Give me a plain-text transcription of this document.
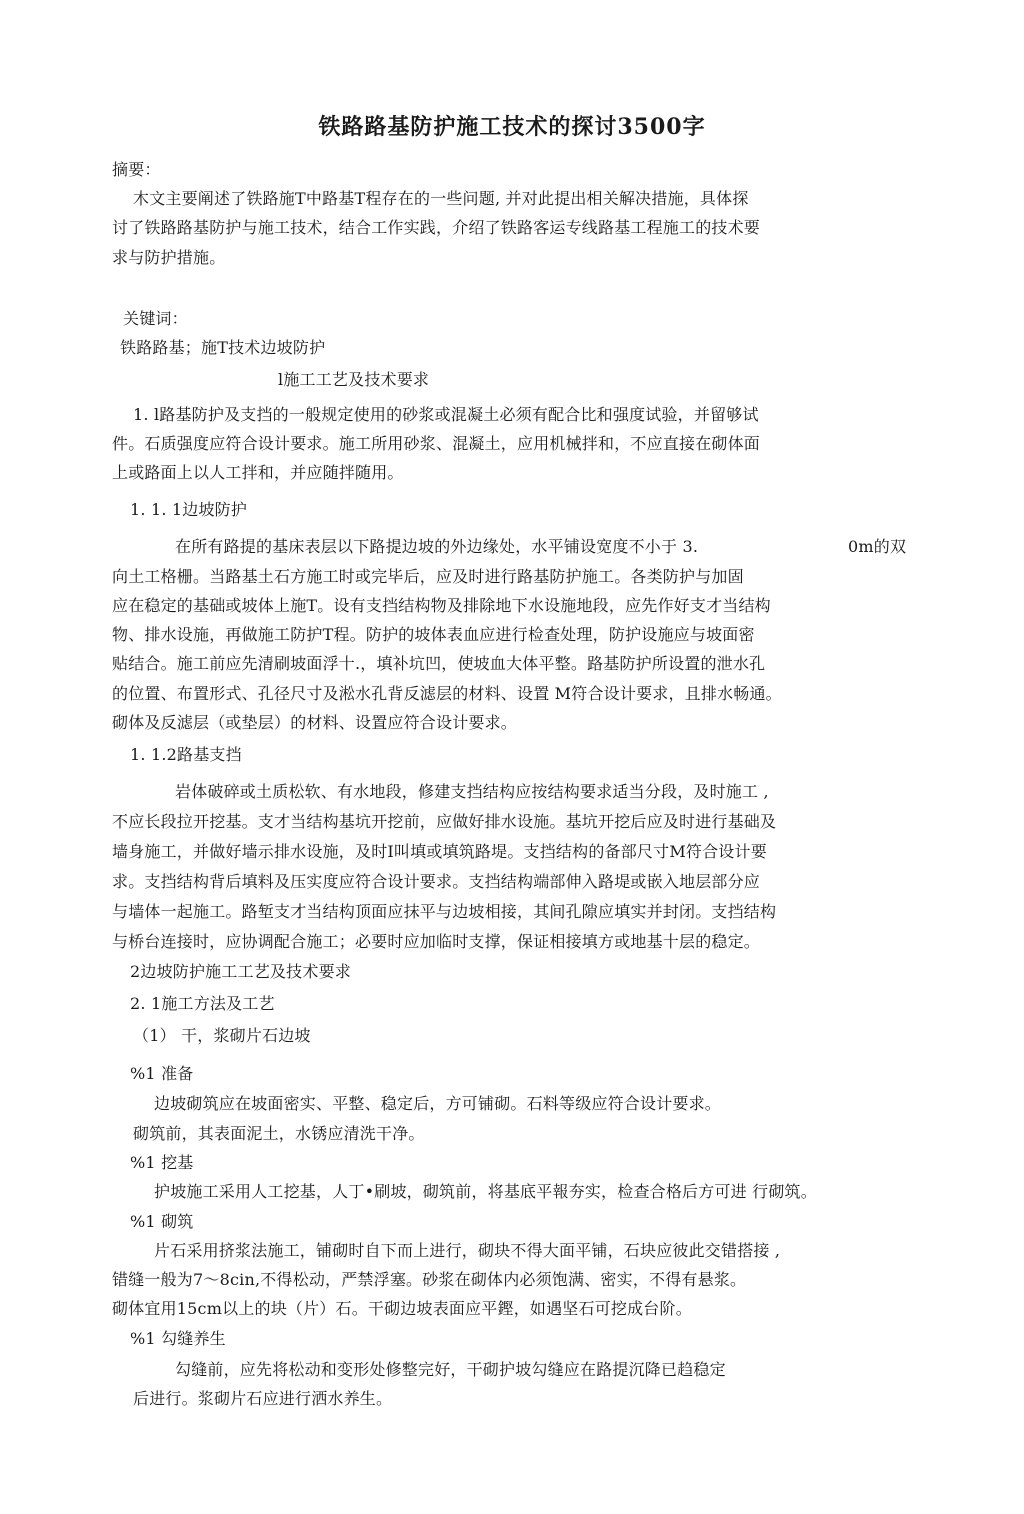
铁路路基防护施工技术的探讨3500字
摘要：
木文主要阐述了铁路施T中路基T程存在的一些问题, 并对此提出相关解决措施，具体探
讨了铁路路基防护与施工技术，结合工作实践，介绍了铁路客运专线路基工程施工的技术要
求与防护措施。
关键词：
铁路路基；施T技术边坡防护
l施工工艺及技术要求
1. l路基防护及支挡的一般规定使用的砂浆或混凝土必须有配合比和强度试验，并留够试
件。石质强度应符合设计要求。施工所用砂浆、混凝土，应用机械拌和，不应直接在砌体面
上或路面上以人工拌和，并应随拌随用。
1. 1. 1边坡防护
在所有路提的基床表层以下路提边坡的外边缘处，水平铺设宽度不小于 3.	0m的双
向土工格栅。当路基土石方施工时或完毕后，应及时进行路基防护施工。各类防护与加固
应在稳定的基础或坡体上施T。设有支挡结构物及排除地下水设施地段，应先作好支才当结构
物、排水设施，再做施工防护T程。防护的坡体表血应进行检查处理，防护设施应与坡面密
贴结合。施工前应先清刷坡面浮十.，填补坑凹，使坡血大体平整。路基防护所设置的泄水孔
的位置、布置形式、孔径尺寸及淞水孔背反滤层的材料、设置 M符合设计要求，且排水畅通。
砌体及反滤层（或垫层）的材料、设置应符合设计要求。
1. 1.2路基支挡
岩体破碎或土质松软、有水地段，修建支挡结构应按结构要求适当分段，及时施工 ,
不应长段拉开挖基。支才当结构基坑开挖前，应做好排水设施。基坑开挖后应及时进行基础及
墙身施工，并做好墙示排水设施，及时I叫填或填筑路堤。支挡结构的备部尺寸M符合设计要
求。支挡结构背后填料及压实度应符合设计要求。支挡结构端部伸入路堤或嵌入地层部分应
与墙体一起施工。路堑支才当结构顶面应抹平与边坡相接，其间孔隙应填实并封闭。支挡结构
与桥台连接时，应协调配合施工；必要时应加临时支撑，保证相接填方或地基十层的稳定。
2边坡防护施工工艺及技术要求
2. 1施工方法及工艺
（1） 干，浆砌片石边坡
%1 准备
边坡砌筑应在坡面密实、平整、稳定后，方可铺砌。石料等级应符合设计要求。
砌筑前，其表面泥土，水锈应清洗干净。
%1 挖基
护坡施工采用人工挖基，人丁•刷坡，砌筑前，将基底平報夯实，检查合格后方可进 行砌筑。
%1 砌筑
片石采用挤浆法施工，铺砌时自下而上进行，砌块不得大面平铺，石块应彼此交错搭接 ,
错缝一般为7～8cin,不得松动，严禁浮塞。砂浆在砌体内必须饱满、密实，不得有悬浆。
砌体宜用15cm以上的块（片）石。干砌边坡表面应平鏗，如遇坚石可挖成台阶。
%1 勾缝养生
勾缝前，应先将松动和变形处修整完好，干砌护坡勾缝应在路提沉降已趋稳定
后进行。浆砌片石应进行洒水养生。
